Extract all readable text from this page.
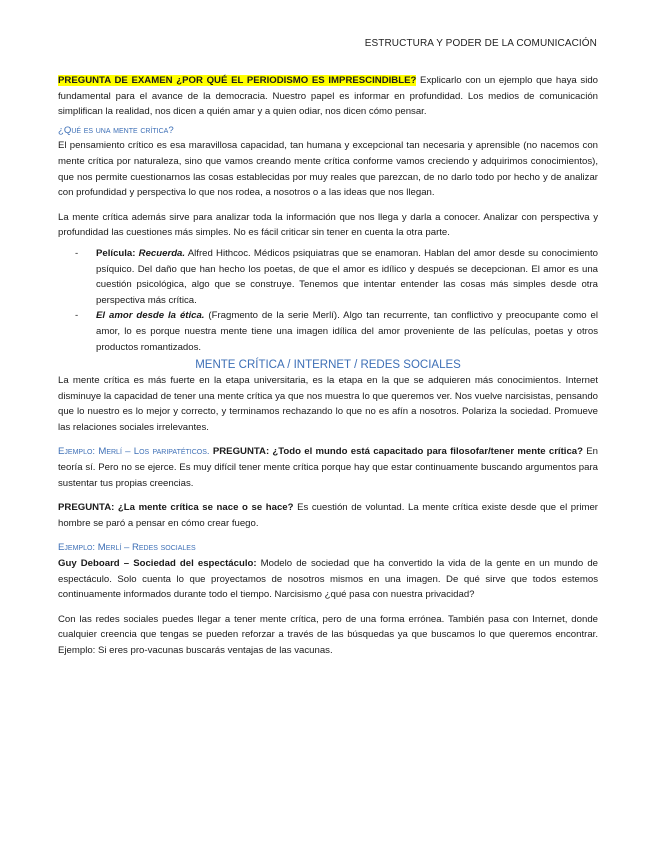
ESTRUCTURA Y PODER DE LA COMUNICACIÓN

PREGUNTA DE EXAMEN ¿POR QUÉ EL PERIODISMO ES IMPRESCINDIBLE? Explicarlo con un ejemplo que haya sido fundamental para el avance de la democracia. Nuestro papel es informar en profundidad. Los medios de comunicación simplifican la realidad, nos dicen a quién amar y a quien odiar, nos dicen cómo pensar.

¿Qué es una mente crítica?

El pensamiento crítico es esa maravillosa capacidad, tan humana y excepcional tan necesaria y aprensible (no nacemos con mente crítica por naturaleza, sino que vamos creando mente crítica conforme vamos creciendo y adquirimos conocimientos), que nos permite cuestionarnos las cosas establecidas por muy reales que parezcan, de no darlo todo por hecho y de analizar con profundidad y perspectiva lo que nos rodea, a nosotros o a las ideas que nos llegan.

La mente crítica además sirve para analizar toda la información que nos llega y darla a conocer. Analizar con perspectiva y profundidad las cuestiones más simples. No es fácil criticar sin tener en cuenta la otra parte.

- Película: Recuerda. Alfred Hithcoc. Médicos psiquiatras que se enamoran. Hablan del amor desde su conocimiento psíquico. Del daño que han hecho los poetas, de que el amor es idílico y después se decepcionan. El amor es una cuestión psicológica, algo que se construye. Tenemos que intentar entender las cosas más simples desde otra perspectiva más crítica.
- El amor desde la ética. (Fragmento de la serie Merlí). Algo tan recurrente, tan conflictivo y preocupante como el amor, lo es porque nuestra mente tiene una imagen idílica del amor proveniente de las películas, poetas y otros productos romantizados.
MENTE CRÍTICA / INTERNET / REDES SOCIALES

La mente crítica es más fuerte en la etapa universitaria, es la etapa en la que se adquieren más conocimientos. Internet disminuye la capacidad de tener una mente crítica ya que nos muestra lo que queremos ver. Nos vuelve narcisistas, pensando que lo nuestro es lo mejor y correcto, y terminamos rechazando lo que no es afín a nosotros. Polariza la sociedad. Promueve las relaciones sociales irrelevantes.

Ejemplo: Merlí – Los paripatéticos. PREGUNTA: ¿Todo el mundo está capacitado para filosofar/tener mente crítica? En teoría sí. Pero no se ejerce. Es muy difícil tener mente crítica porque hay que estar continuamente buscando argumentos para sustentar tus propias creencias.

PREGUNTA: ¿La mente crítica se nace o se hace? Es cuestión de voluntad. La mente crítica existe desde que el primer hombre se paró a pensar en cómo crear fuego.

Ejemplo: Merlí – Redes sociales

Guy Deboard – Sociedad del espectáculo: Modelo de sociedad que ha convertido la vida de la gente en un mundo de espectáculo. Solo cuenta lo que proyectamos de nosotros mismos en una imagen. De qué sirve que todos estemos continuamente informados durante todo el tiempo. Narcisismo ¿qué pasa con nuestra privacidad?

Con las redes sociales puedes llegar a tener mente crítica, pero de una forma errónea. También pasa con Internet, donde cualquier creencia que tengas se pueden reforzar a través de las búsquedas ya que buscamos lo que queremos encontrar. Ejemplo: Si eres pro-vacunas buscarás ventajas de las vacunas.
